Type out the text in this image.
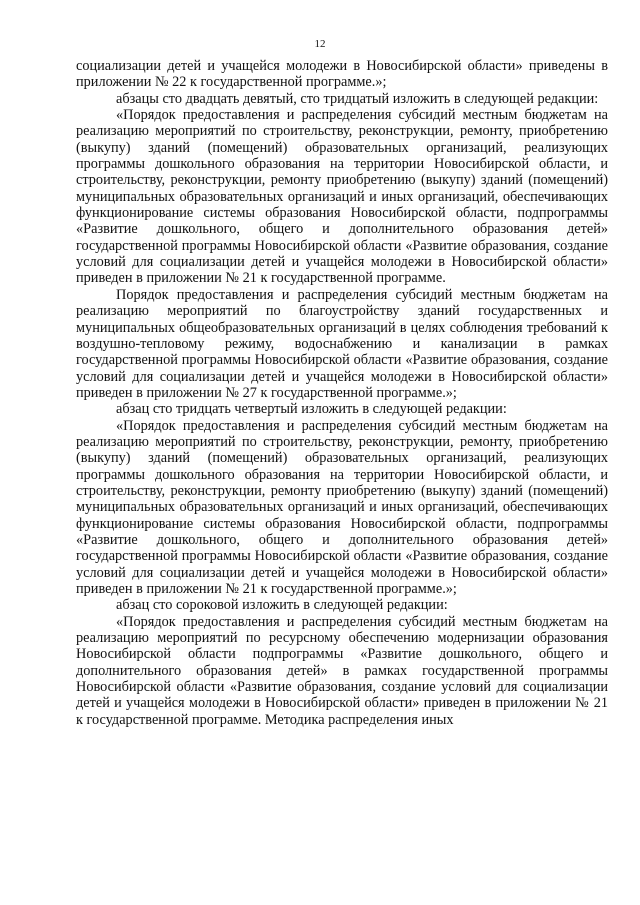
12

социализации детей и учащейся молодежи в Новосибирской области» приведены в приложении № 22 к государственной программе.»;

абзацы сто двадцать девятый, сто тридцатый изложить в следующей редакции:

«Порядок предоставления и распределения субсидий местным бюджетам на реализацию мероприятий по строительству, реконструкции, ремонту, приобретению (выкупу) зданий (помещений) образовательных организаций, реализующих программы дошкольного образования на территории Новосибирской области, и строительству, реконструкции, ремонту приобретению (выкупу) зданий (помещений) муниципальных образовательных организаций и иных организаций, обеспечивающих функционирование системы образования Новосибирской области, подпрограммы «Развитие дошкольного, общего и дополнительного образования детей» государственной программы Новосибирской области «Развитие образования, создание условий для социализации детей и учащейся молодежи в Новосибирской области» приведен в приложении № 21 к государственной программе.

Порядок предоставления и распределения субсидий местным бюджетам на реализацию мероприятий по благоустройству зданий государственных и муниципальных общеобразовательных организаций в целях соблюдения требований к воздушно-тепловому режиму, водоснабжению и канализации в рамках государственной программы Новосибирской области «Развитие образования, создание условий для социализации детей и учащейся молодежи в Новосибирской области» приведен в приложении № 27 к государственной программе.»;

абзац сто тридцать четвертый изложить в следующей редакции:

«Порядок предоставления и распределения субсидий местным бюджетам на реализацию мероприятий по строительству, реконструкции, ремонту, приобретению (выкупу) зданий (помещений) образовательных организаций, реализующих программы дошкольного образования на территории Новосибирской области, и строительству, реконструкции, ремонту приобретению (выкупу) зданий (помещений) муниципальных образовательных организаций и иных организаций, обеспечивающих функционирование системы образования Новосибирской области, подпрограммы «Развитие дошкольного, общего и дополнительного образования детей» государственной программы Новосибирской области «Развитие образования, создание условий для социализации детей и учащейся молодежи в Новосибирской области» приведен в приложении № 21 к государственной программе.»;

абзац сто сороковой изложить в следующей редакции:

«Порядок предоставления и распределения субсидий местным бюджетам на реализацию мероприятий по ресурсному обеспечению модернизации образования Новосибирской области подпрограммы «Развитие дошкольного, общего и дополнительного образования детей» в рамках государственной программы Новосибирской области «Развитие образования, создание условий для социализации детей и учащейся молодежи в Новосибирской области» приведен в приложении № 21 к государственной программе. Методика распределения иных
